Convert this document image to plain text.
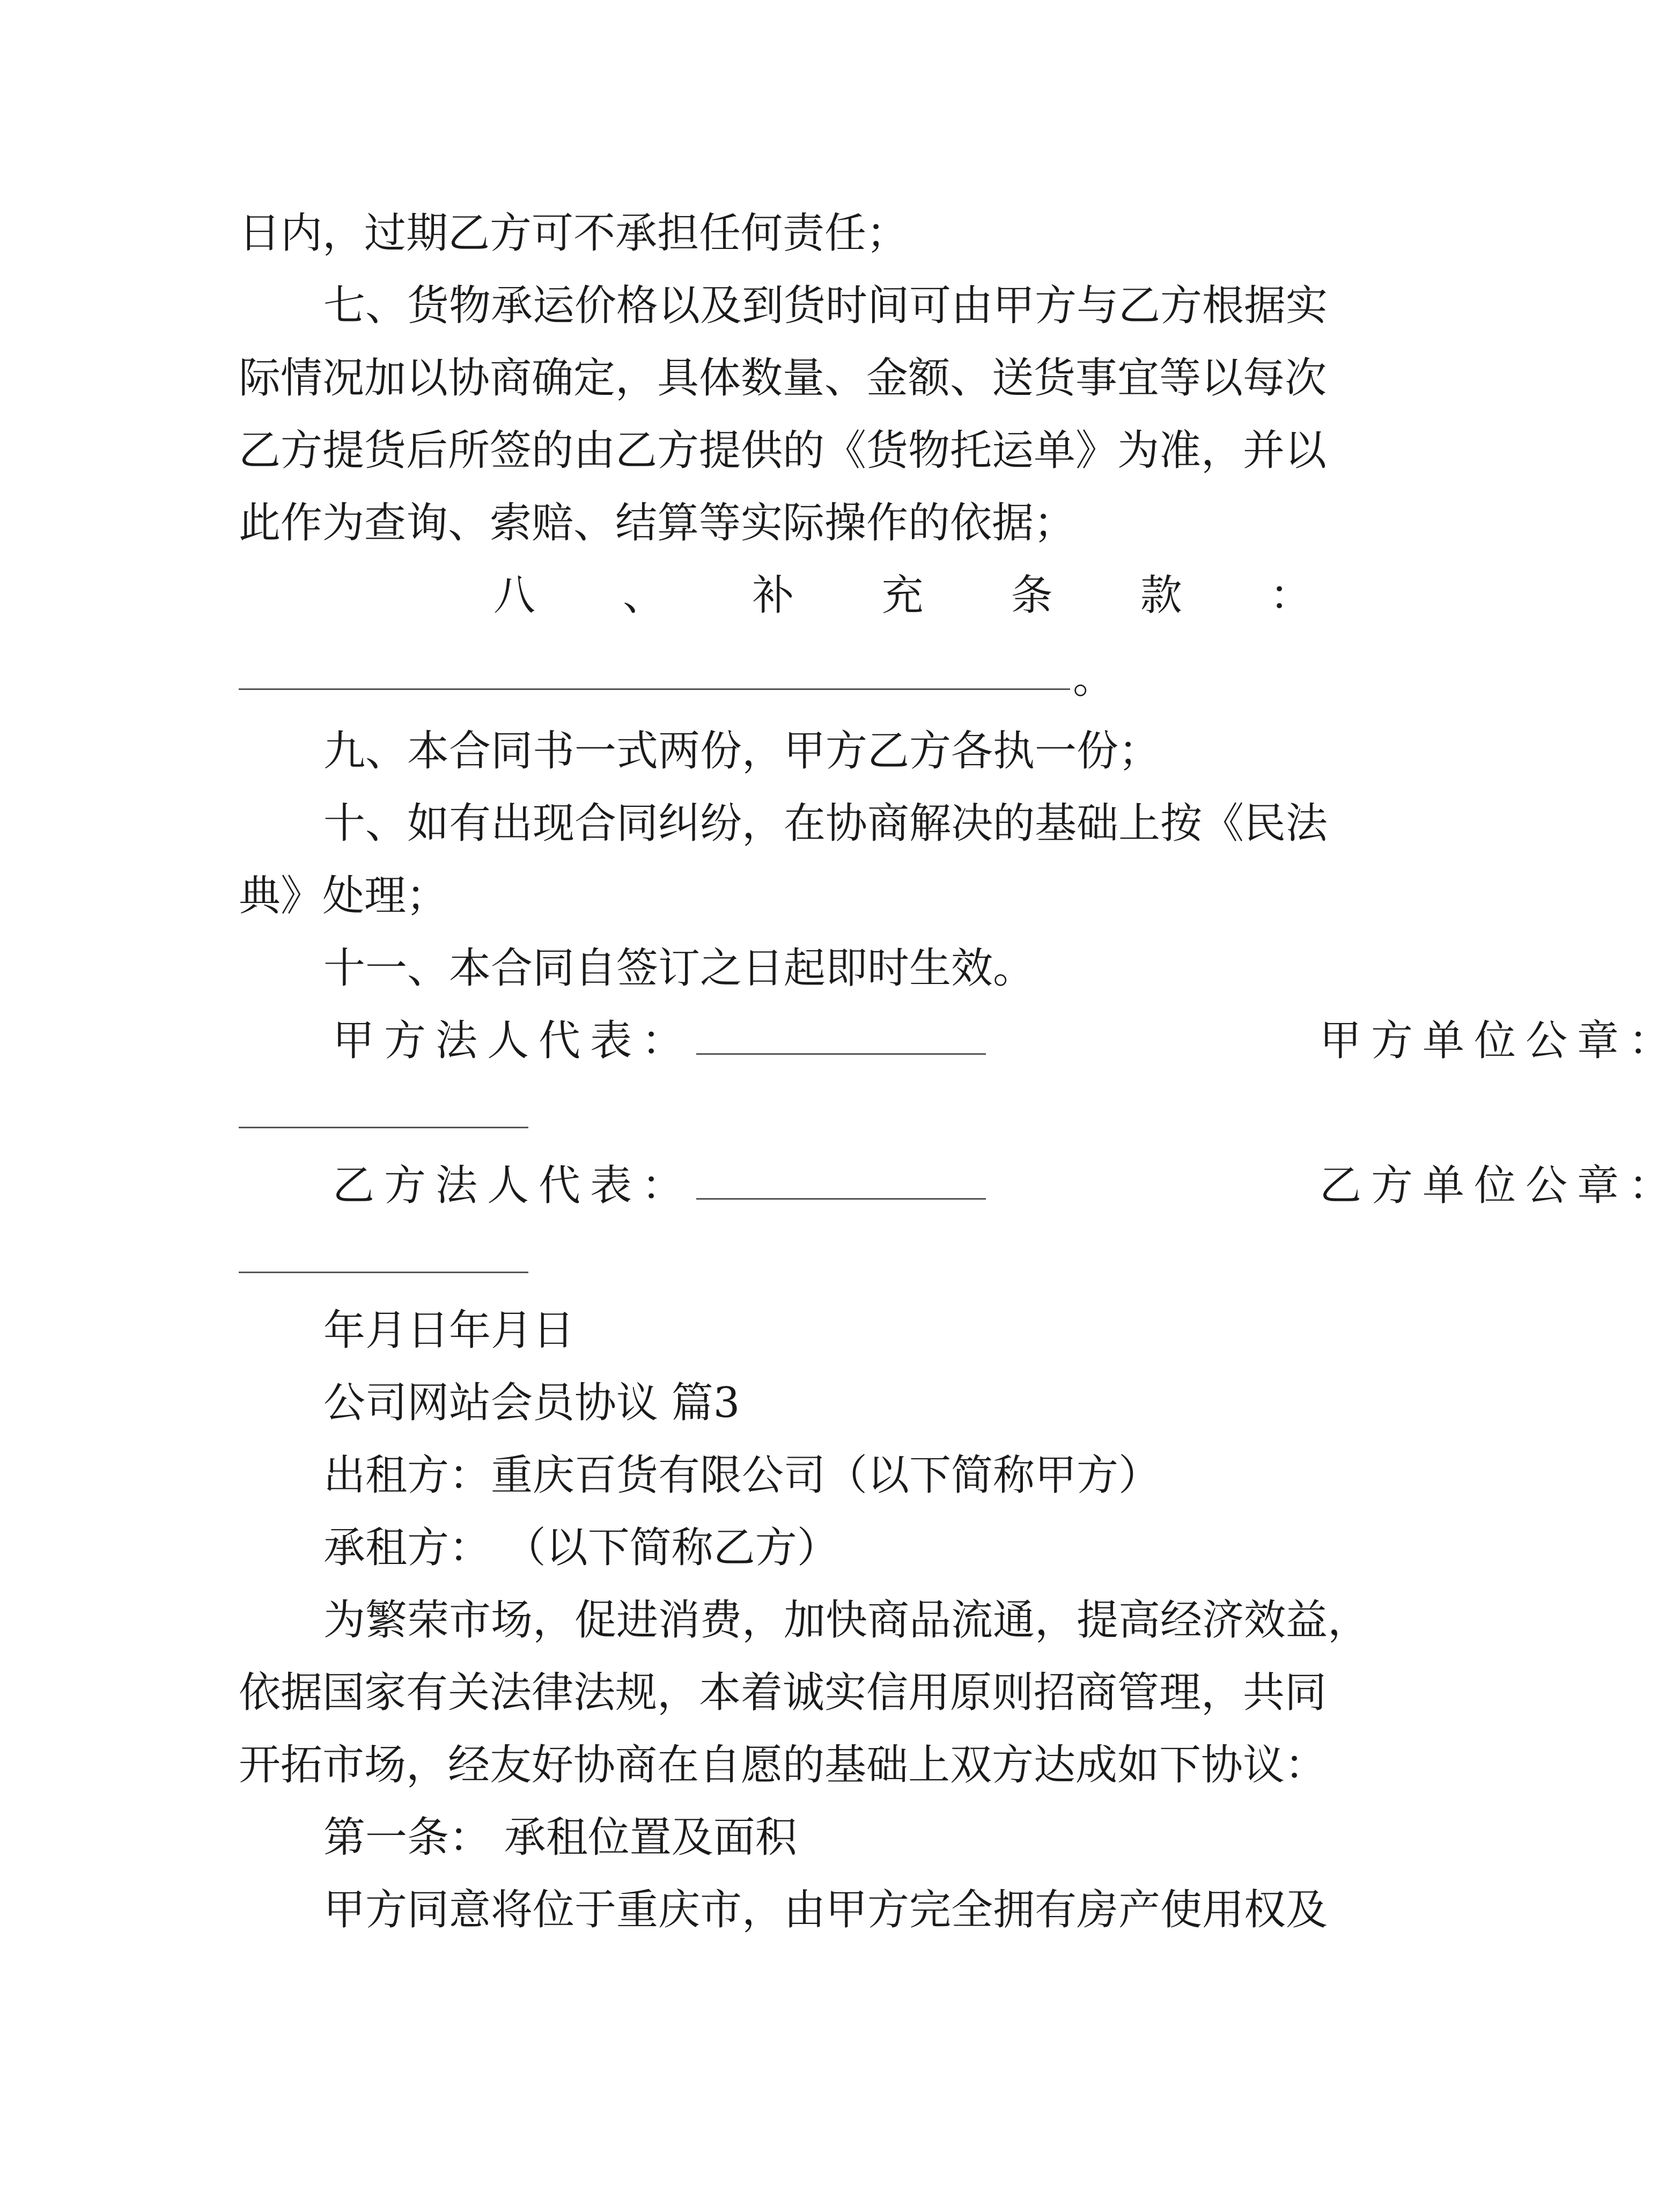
日内，过期乙方可不承担任何责任；
七、货物承运价格以及到货时间可由甲方与乙方根据实
际情况加以协商确定，具体数量、金额、送货事宜等以每次
乙方提货后所签的由乙方提供的《货物托运单》为准，并以
此作为查询、索赔、结算等实际操作的依据；
八 、 补 充 条 款 ：
。
九、本合同书一式两份，甲方乙方各执一份；
十、如有出现合同纠纷，在协商解决的基础上按《民法
典》处理；
十一、本合同自签订之日起即时生效。
甲方法人代表：	甲方单位公章：
乙方法人代表：	乙方单位公章：
年月日年月日
公司网站会员协议 篇3
出租方：重庆百货有限公司（以下简称甲方）
承租方： （以下简称乙方）
为繁荣市场，促进消费，加快商品流通，提高经济效益，
依据国家有关法律法规，本着诚实信用原则招商管理，共同
开拓市场，经友好协商在自愿的基础上双方达成如下协议：
第一条： 承租位置及面积
甲方同意将位于重庆市，由甲方完全拥有房产使用权及
